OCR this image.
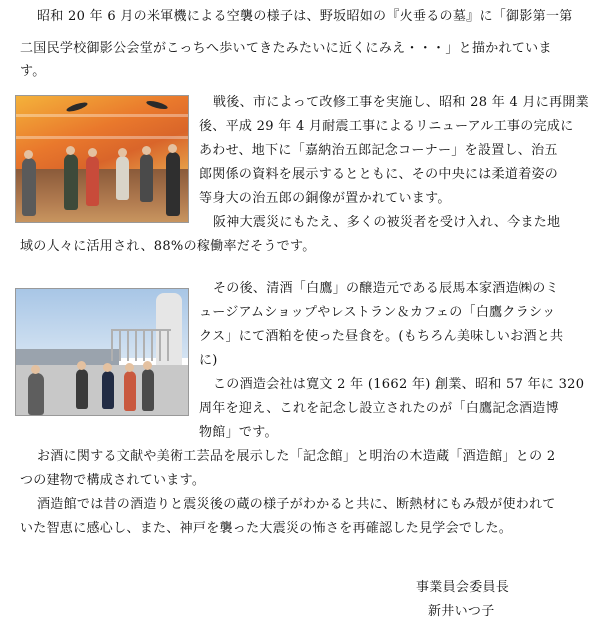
昭和 20 年 6 月の米軍機による空襲の様子は、野坂昭如の『火垂るの墓』に「御影第一第
二国民学校御影公会堂がこっちへ歩いてきたみたいに近くにみえ・・・」と描かれていま
す。
戦後、市によって改修工事を実施し、昭和 28 年 4 月に再開業
後、平成 29 年 4 月耐震工事によるリニューアル工事の完成に
あわせ、地下に「嘉納治五郎記念コーナー」を設置し、治五
郎関係の資料を展示するとともに、その中央には柔道着姿の
等身大の治五郎の銅像が置かれています。
阪神大震災にもたえ、多くの被災者を受け入れ、今また地
域の人々に活用され、88%の稼働率だそうです。
その後、清酒「白鷹」の醸造元である辰馬本家酒造㈱のミ
ュージアムショップやレストラン＆カフェの「白鷹クラシッ
クス」にて酒粕を使った昼食を。(もちろん美味しいお酒と共
に)
この酒造会社は寛文 2 年 (1662 年) 創業、昭和 57 年に 320
周年を迎え、これを記念し設立されたのが「白鷹記念酒造博
物館」です。
お酒に関する文献や美術工芸品を展示した「記念館」と明治の木造蔵「酒造館」との 2
つの建物で構成されています。
酒造館では昔の酒造りと震災後の蔵の様子がわかると共に、断熱材にもみ殻が使われて
いた智恵に感心し、また、神戸を襲った大震災の怖さを再確認した見学会でした。
事業員会委員長
新井いつ子
